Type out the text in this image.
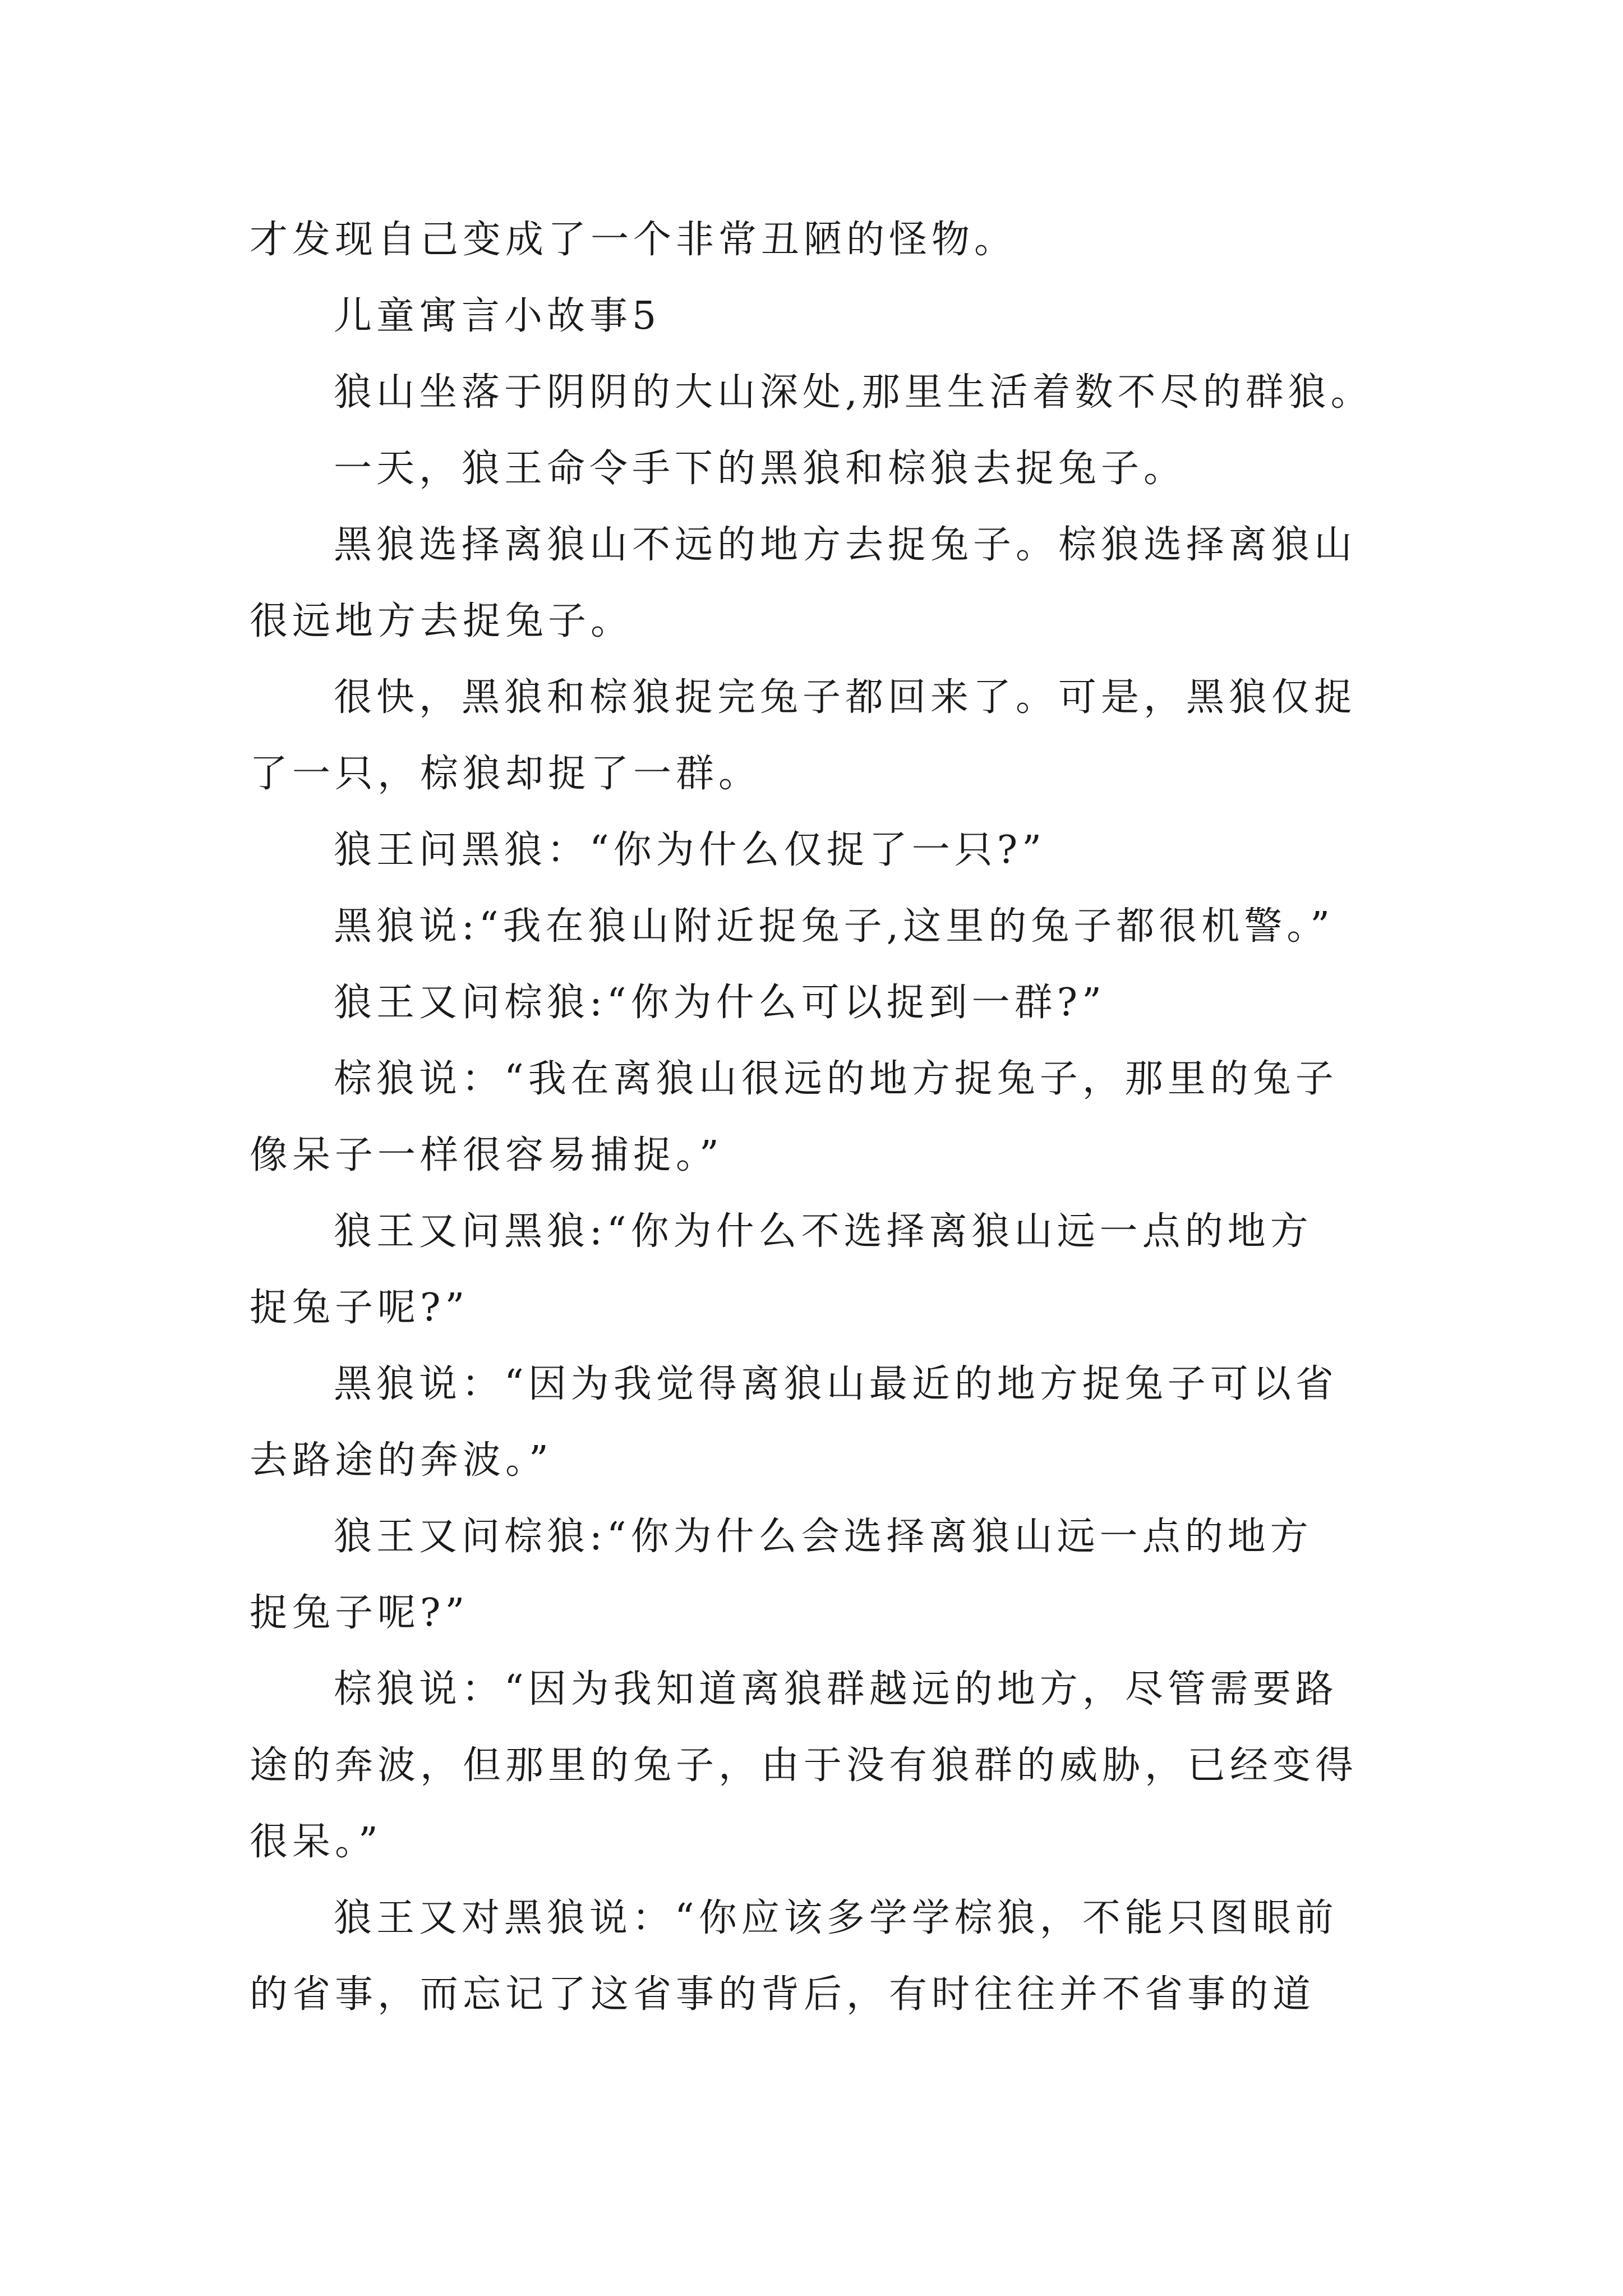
才发现自己变成了一个非常丑陋的怪物。
儿童寓言小故事5
狼山坐落于阴阴的大山深处,那里生活着数不尽的群狼。
一天，狼王命令手下的黑狼和棕狼去捉兔子。
黑狼选择离狼山不远的地方去捉兔子。棕狼选择离狼山
很远地方去捉兔子。
很快，黑狼和棕狼捉完兔子都回来了。可是，黑狼仅捉
了一只，棕狼却捉了一群。
狼王问黑狼：“你为什么仅捉了一只?”
黑狼说:“我在狼山附近捉兔子,这里的兔子都很机警。”
狼王又问棕狼:“你为什么可以捉到一群?”
棕狼说：“我在离狼山很远的地方捉兔子，那里的兔子
像呆子一样很容易捕捉。”
狼王又问黑狼:“你为什么不选择离狼山远一点的地方
捉兔子呢?”
黑狼说：“因为我觉得离狼山最近的地方捉兔子可以省
去路途的奔波。”
狼王又问棕狼:“你为什么会选择离狼山远一点的地方
捉兔子呢?”
棕狼说：“因为我知道离狼群越远的地方，尽管需要路
途的奔波，但那里的兔子，由于没有狼群的威胁，已经变得
很呆。”
狼王又对黑狼说：“你应该多学学棕狼，不能只图眼前
的省事，而忘记了这省事的背后，有时往往并不省事的道
